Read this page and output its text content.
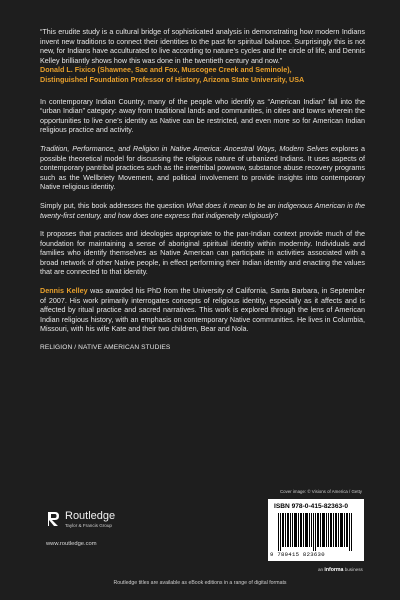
“This erudite study is a cultural bridge of sophisticated analysis in demonstrating how modern Indians invent new traditions to connect their identities to the past for spiritual balance. Surprisingly this is not new, for Indians have acculturated to live according to nature’s cycles and the circle of life, and Dennis Kelley brilliantly shows how this was done in the twentieth century and now.”

Donald L. Fixico (Shawnee, Sac and Fox, Muscogee Creek and Seminole),

Distinguished Foundation Professor of History, Arizona State University, USA

In contemporary Indian Country, many of the people who identify as “American Indian” fall into the “urban Indian” category: away from traditional lands and communities, in cities and towns wherein the opportunities to live one’s identity as Native can be restricted, and even more so for American Indian religious practice and activity.

Tradition, Performance, and Religion in Native America: Ancestral Ways, Modern Selves explores a possible theoretical model for discussing the religious nature of urbanized Indians. It uses aspects of contemporary pantribal practices such as the intertribal powwow, substance abuse recovery programs such as the Wellbriety Movement, and political involvement to provide insights into contemporary Native religious identity.

Simply put, this book addresses the question What does it mean to be an indigenous American in the twenty-first century, and how does one express that indigeneity religiously?

It proposes that practices and ideologies appropriate to the pan-Indian context provide much of the foundation for maintaining a sense of aboriginal spiritual identity within modernity. Individuals and families who identify themselves as Native American can participate in activities associated with a broad network of other Native people, in effect performing their Indian identity and enacting the values that are connected to that identity.

Dennis Kelley was awarded his PhD from the University of California, Santa Barbara, in September of 2007. His work primarily interrogates concepts of religious identity, especially as it affects and is affected by ritual practice and sacred narratives. This work is explored through the lens of American Indian religious history, with an emphasis on contemporary Native communities. He lives in Columbia, Missouri, with his wife Kate and their two children, Bear and Nola.

RELIGION / NATIVE AMERICAN STUDIES
Cover image: © Visions of America / Getty
Routledge
Taylor & Francis Group
www.routledge.com
ISBN 978-0-415-82363-0
9 780415 823630
an informa business
Routledge titles are available as eBook editions in a range of digital formats
